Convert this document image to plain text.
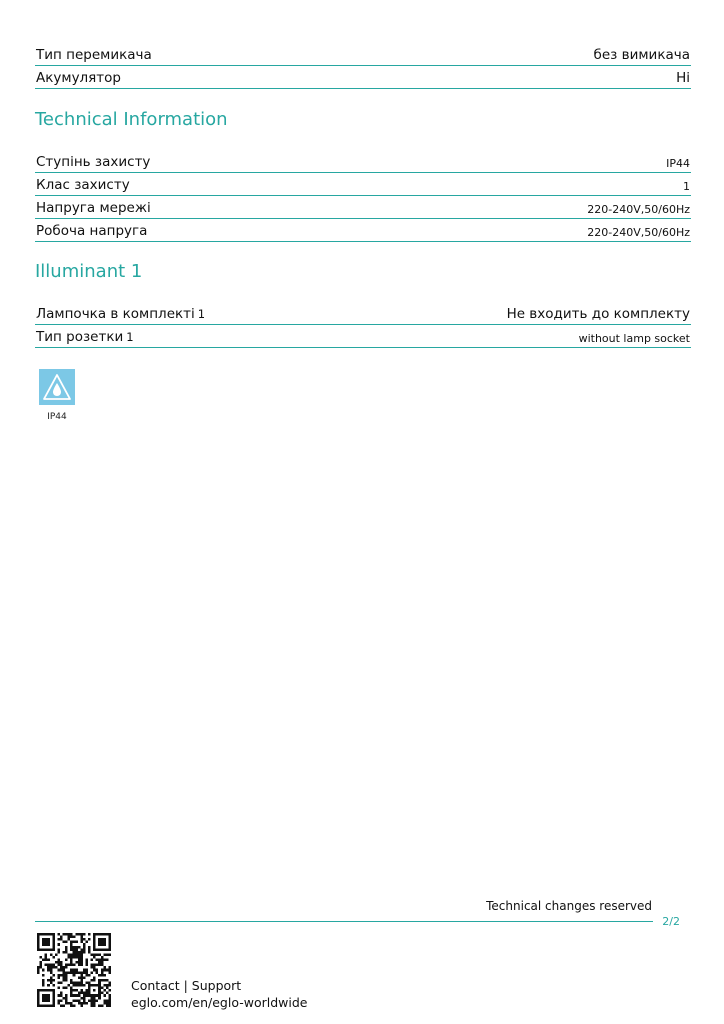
Тип перемикача	без вимикача
Акумулятор	Ні
Technical Information
Ступінь захисту	IP44
Клас захисту	1
Напруга мережі	220-240V,50/60Hz
Робоча напруга	220-240V,50/60Hz
Illuminant 1
Лампочка в комплекті 1	Не входить до комплекту
Тип розетки 1	without lamp socket
IP44
Technical changes reserved
2/2
Contact | Support
eglo.com/en/eglo-worldwide
